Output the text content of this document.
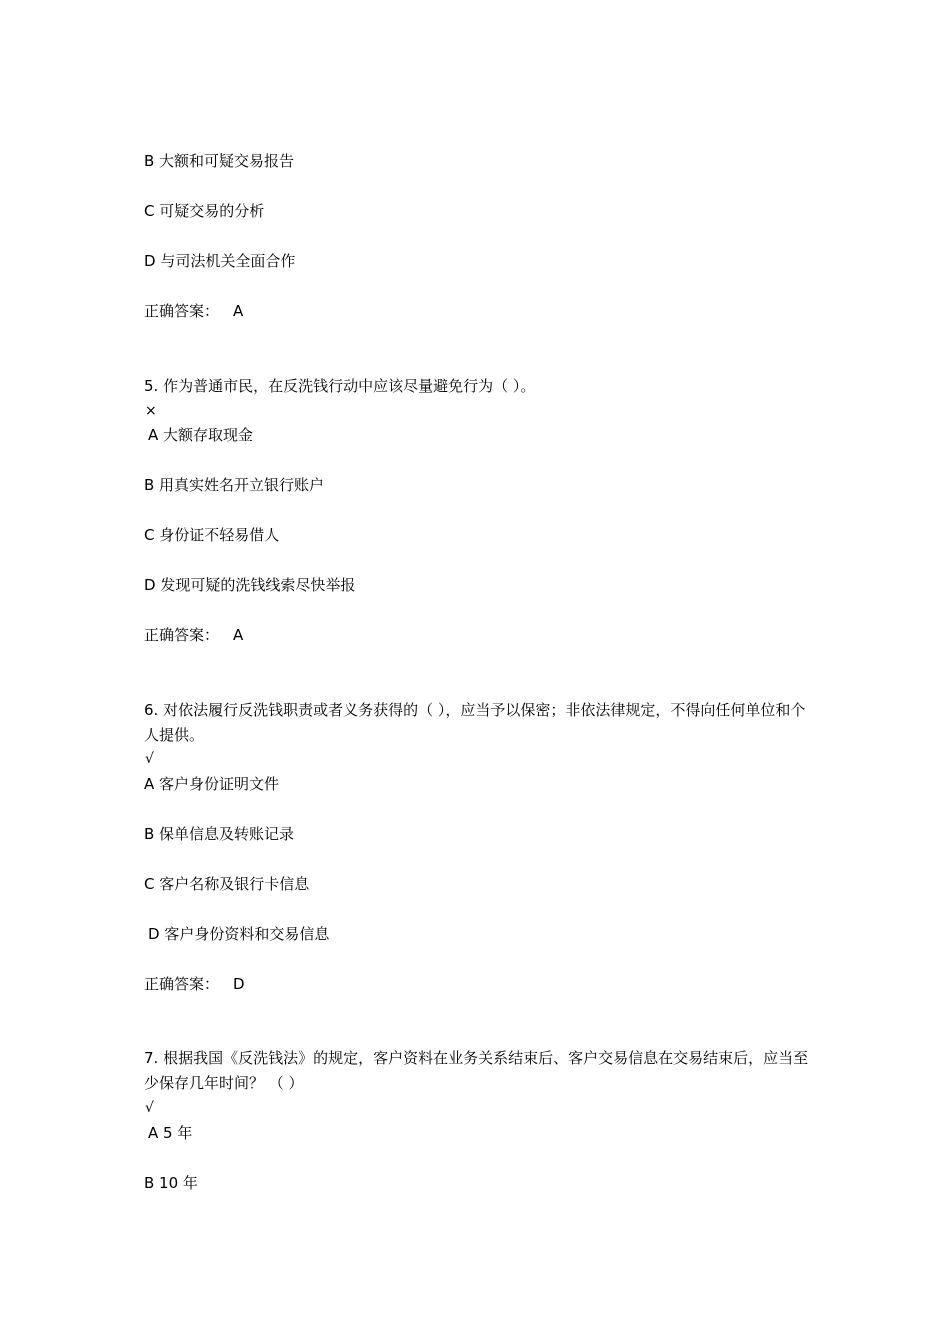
B 大额和可疑交易报告
C 可疑交易的分析
D 与司法机关全面合作
正确答案： A
5. 作为普通市民，在反洗钱行动中应该尽量避免行为（ ）。
×
A 大额存取现金
B 用真实姓名开立银行账户
C 身份证不轻易借人
D 发现可疑的洗钱线索尽快举报
正确答案： A
6. 对依法履行反洗钱职责或者义务获得的（ ），应当予以保密；非依法律规定，不得向任何单位和个人提供。
√
A 客户身份证明文件
B 保单信息及转账记录
C 客户名称及银行卡信息
D 客户身份资料和交易信息
正确答案： D
7. 根据我国《反洗钱法》的规定，客户资料在业务关系结束后、客户交易信息在交易结束后，应当至少保存几年时间？ （ ）
√
A 5 年
B 10 年
